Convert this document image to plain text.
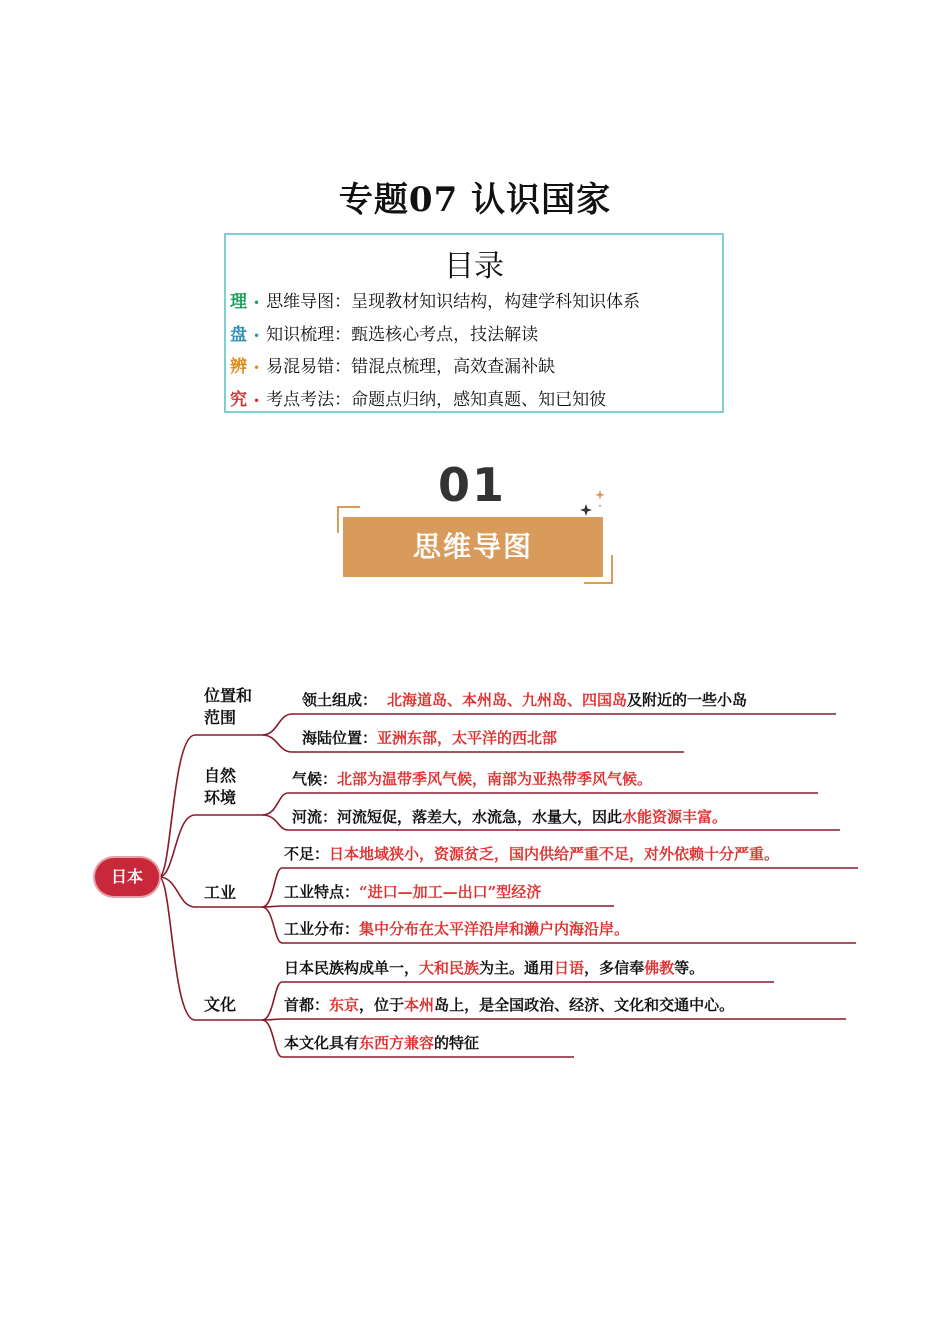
专题07 认识国家
目录
理 • 思维导图：呈现教材知识结构，构建学科知识体系
盘 • 知识梳理：甄选核心考点，技法解读
辨 • 易混易错：错混点梳理，高效查漏补缺
究 • 考点考法：命题点归纳，感知真题、知已知彼
01
思维导图
日本
位置和范围
自然环境
工业
文化
领土组成： 北海道岛、本州岛、九州岛、四国岛及附近的一些小岛
海陆位置：亚洲东部，太平洋的西北部
气候：北部为温带季风气候，南部为亚热带季风气候。
河流：河流短促，落差大，水流急，水量大，因此水能资源丰富。
不足：日本地域狭小，资源贫乏，国内供给严重不足，对外依赖十分严重。
工业特点：“进口—加工—出口”型经济
工业分布：集中分布在太平洋沿岸和濑户内海沿岸。
日本民族构成单一，大和民族为主。通用日语，多信奉佛教等。
首都：东京，位于本州岛上，是全国政治、经济、文化和交通中心。
本文化具有东西方兼容的特征
